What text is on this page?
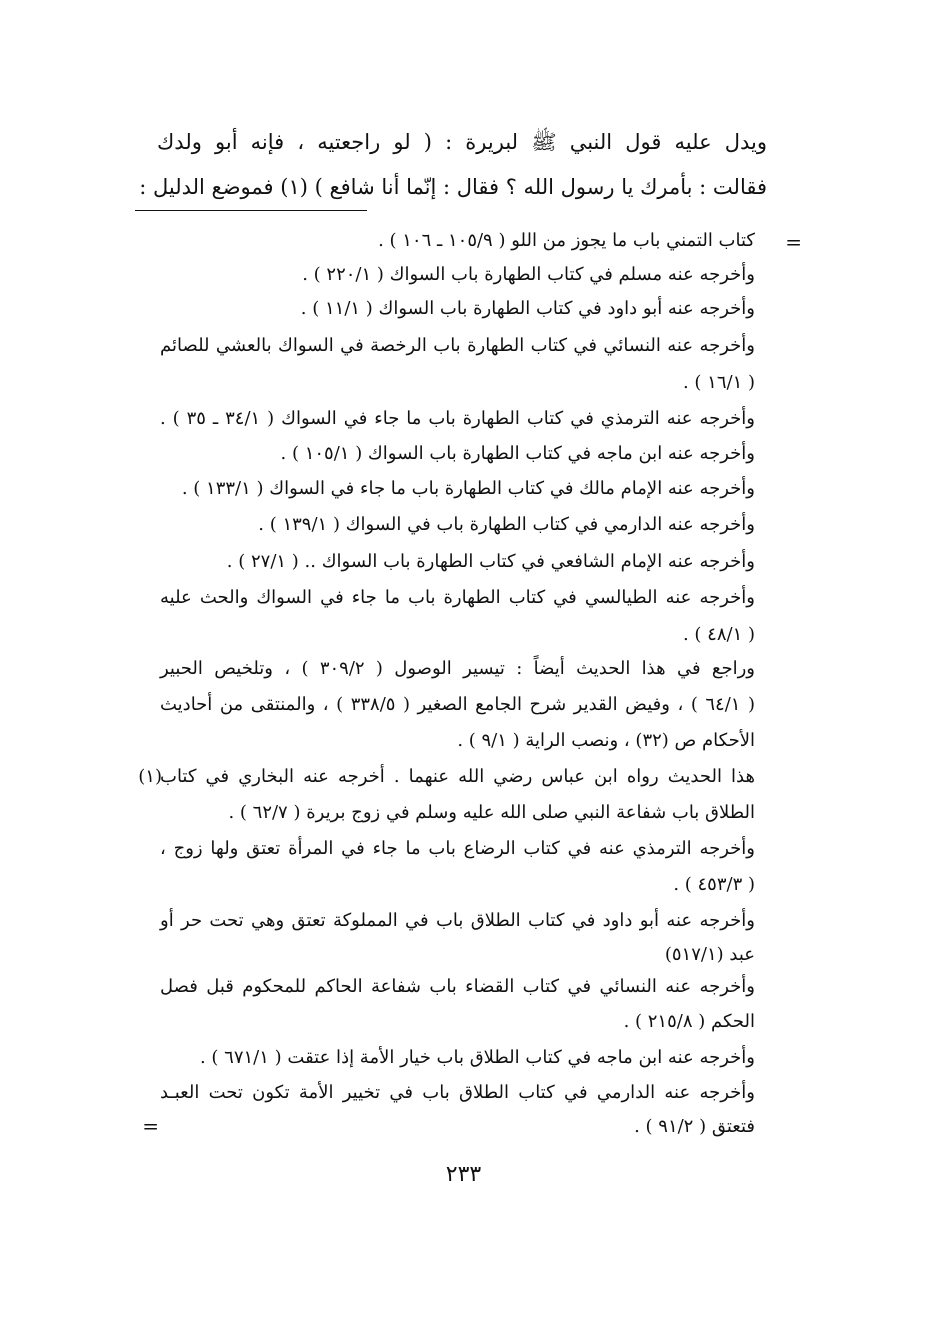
ويدل عليه قول النبي ﷺ لبريرة : ( لو راجعتيه ، فإنه أبو ولدك
فقالت : بأمرك يا رسول الله ؟ فقال : إنّما أنا شافع ) (١) فموضع الدليل :
=
كتاب التمني باب ما يجوز من اللو ( ١٠٥/٩ ـ ١٠٦ ) .
وأخرجه عنه مسلم في كتاب الطهارة باب السواك ( ٢٢٠/١ ) .
وأخرجه عنه أبو داود في كتاب الطهارة باب السواك ( ١١/١ ) .
وأخرجه عنه النسائي في كتاب الطهارة باب الرخصة في السواك بالعشي للصائم
( ١٦/١ ) .
وأخرجه عنه الترمذي في كتاب الطهارة باب ما جاء في السواك ( ٣٤/١ ـ ٣٥ ) .
وأخرجه عنه ابن ماجه في كتاب الطهارة باب السواك ( ١٠٥/١ ) .
وأخرجه عنه الإمام مالك في كتاب الطهارة باب ما جاء في السواك ( ١٣٣/١ ) .
وأخرجه عنه الدارمي في كتاب الطهارة باب في السواك ( ١٣٩/١ ) .
وأخرجه عنه الإمام الشافعي في كتاب الطهارة باب السواك .. ( ٢٧/١ ) .
وأخرجه عنه الطيالسي في كتاب الطهارة باب ما جاء في السواك والحث عليه
( ٤٨/١ ) .
وراجع في هذا الحديث أيضاً : تيسير الوصول ( ٣٠٩/٢ ) ، وتلخيص الحبير
( ٦٤/١ ) ، وفيض القدير شرح الجامع الصغير ( ٣٣٨/٥ ) ، والمنتقى من أحاديث
الأحكام ص (٣٢) ، ونصب الراية ( ٩/١ ) .
(١)
هذا الحديث رواه ابن عباس رضي الله عنهما . أخرجه عنه البخاري في كتاب
الطلاق باب شفاعة النبي صلى الله عليه وسلم في زوج بريرة ( ٦٢/٧ ) .
وأخرجه الترمذي عنه في كتاب الرضاع باب ما جاء في المرأة تعتق ولها زوج ،
( ٤٥٣/٣ ) .
وأخرجه عنه أبو داود في كتاب الطلاق باب في المملوكة تعتق وهي تحت حر أو
عبد (٥١٧/١)
وأخرجه عنه النسائي في كتاب القضاء باب شفاعة الحاكم للمحكوم قبل فصل
الحكم ( ٢١٥/٨ ) .
وأخرجه عنه ابن ماجه في كتاب الطلاق باب خيار الأمة إذا عتقت ( ٦٧١/١ ) .
وأخرجه عنه الدارمي في كتاب الطلاق باب في تخيير الأمة تكون تحت العبـد
فتعتق ( ٩١/٢ ) .
=
٢٣٣
